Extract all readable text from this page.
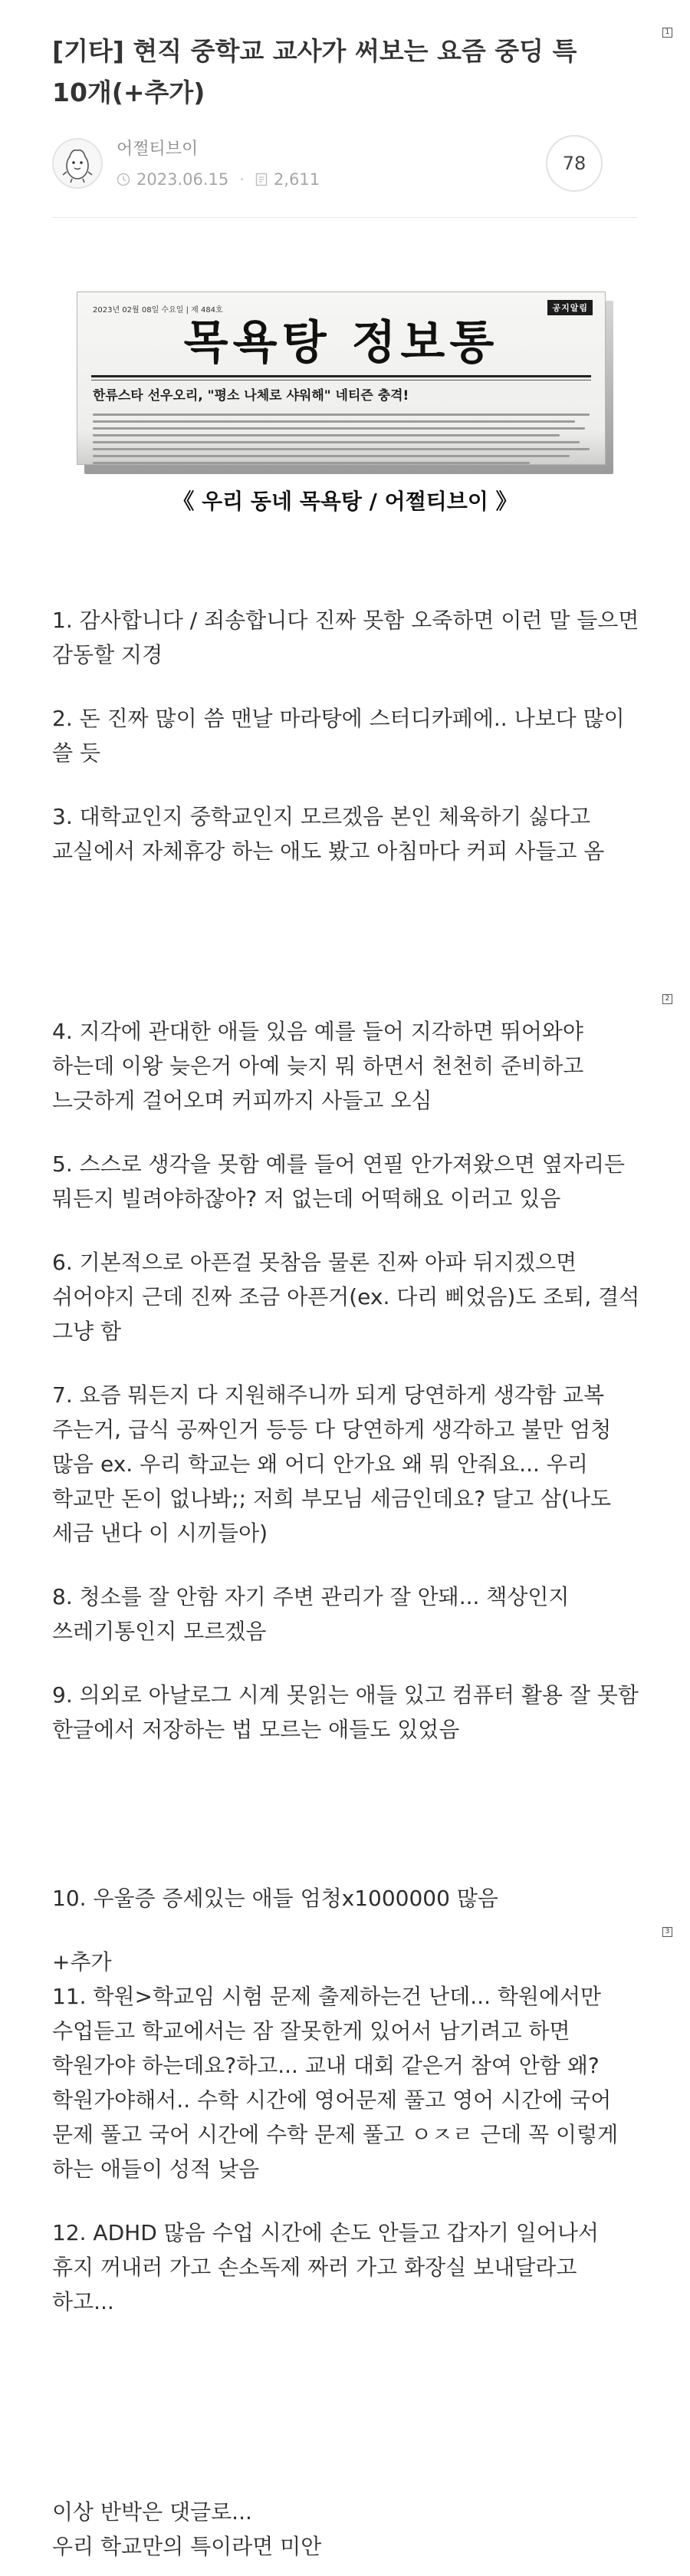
1
2
3
[기타] 현직 중학교 교사가 써보는 요즘 중딩 특 10개(+추가)
어쩔티브이
2023.06.15 · 2,611
78
2023년 02월 08일 수요일 | 제 484호	공지알림
목욕탕 정보통
한류스타 선우오리, "평소 나체로 샤워해" 네티즌 충격!
《 우리 동네 목욕탕 / 어쩔티브이 》

1. 감사합니다 / 죄송합니다 진짜 못함 오죽하면 이런 말 들으면 감동할 지경

2. 돈 진짜 많이 씀 맨날 마라탕에 스터디카페에.. 나보다 많이 쓸 듯

3. 대학교인지 중학교인지 모르겠음 본인 체육하기 싫다고 교실에서 자체휴강 하는 애도 봤고 아침마다 커피 사들고 옴

4. 지각에 관대한 애들 있음 예를 들어 지각하면 뛰어와야 하는데 이왕 늦은거 아예 늦지 뭐 하면서 천천히 준비하고 느긋하게 걸어오며 커피까지 사들고 오심

5. 스스로 생각을 못함 예를 들어 연필 안가져왔으면 옆자리든 뭐든지 빌려야하잖아? 저 없는데 어떡해요 이러고 있음

6. 기본적으로 아픈걸 못참음 물론 진짜 아파 뒤지겠으면 쉬어야지 근데 진짜 조금 아픈거(ex. 다리 삐었음)도 조퇴, 결석 그냥 함

7. 요즘 뭐든지 다 지원해주니까 되게 당연하게 생각함 교복 주는거, 급식 공짜인거 등등 다 당연하게 생각하고 불만 엄청 많음 ex. 우리 학교는 왜 어디 안가요 왜 뭐 안줘요... 우리 학교만 돈이 없나봐;; 저희 부모님 세금인데요? 달고 삼(나도 세금 낸다 이 시끼들아)

8. 청소를 잘 안함 자기 주변 관리가 잘 안돼... 책상인지 쓰레기통인지 모르겠음

9. 의외로 아날로그 시계 못읽는 애들 있고 컴퓨터 활용 잘 못함 한글에서 저장하는 법 모르는 애들도 있었음

10. 우울증 증세있는 애들 엄청x1000000 많음

+추가
11. 학원>학교임 시험 문제 출제하는건 난데... 학원에서만 수업듣고 학교에서는 잠 잘못한게 있어서 남기려고 하면 학원가야 하는데요?하고... 교내 대회 같은거 참여 안함 왜? 학원가야해서.. 수학 시간에 영어문제 풀고 영어 시간에 국어 문제 풀고 국어 시간에 수학 문제 풀고 ㅇㅈㄹ 근데 꼭 이렇게 하는 애들이 성적 낮음

12. ADHD 많음 수업 시간에 손도 안들고 갑자기 일어나서 휴지 꺼내러 가고 손소독제 짜러 가고 화장실 보내달라고 하고...

이상 반박은 댓글로...
우리 학교만의 특이라면 미안
